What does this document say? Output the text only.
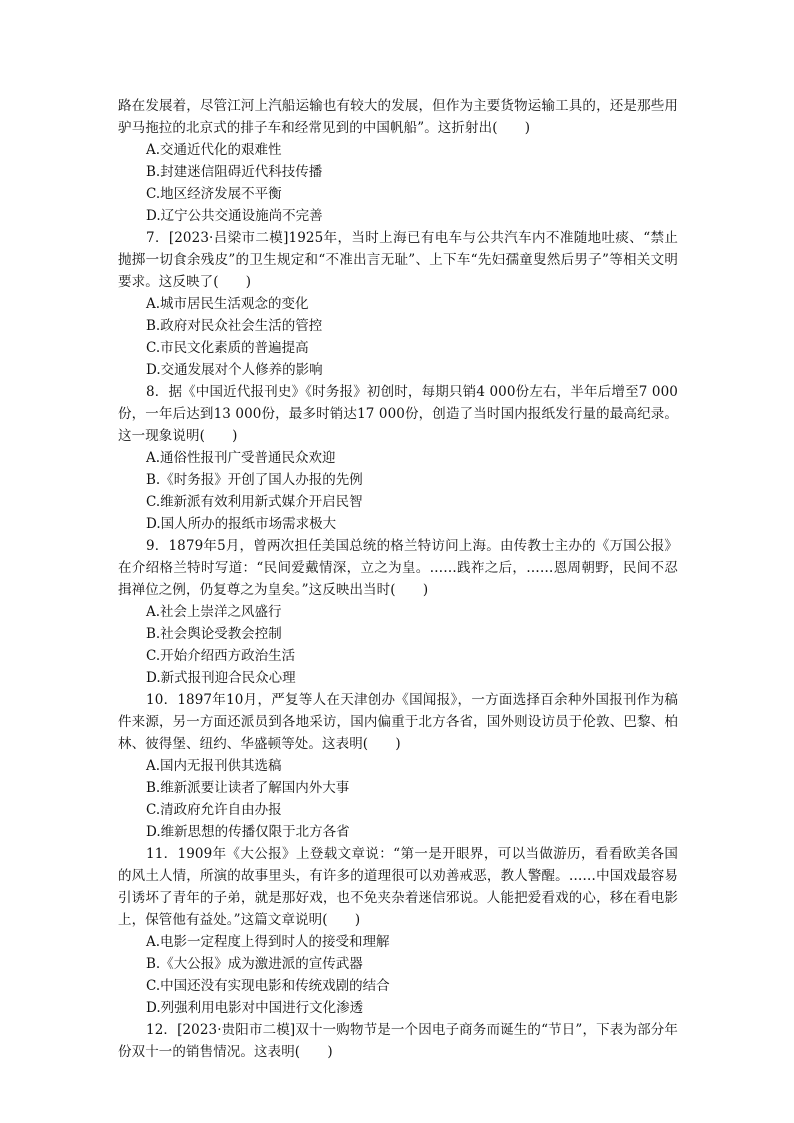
路在发展着，尽管江河上汽船运输也有较大的发展，但作为主要货物运输工具的，还是那些用驴马拖拉的北京式的排子车和经常见到的中国帆船”。这折射出(　　)

A.交通近代化的艰难性
B.封建迷信阻碍近代科技传播
C.地区经济发展不平衡
D.辽宁公共交通设施尚不完善

7．[2023·吕梁市二模]1925年，当时上海已有电车与公共汽车内不准随地吐痰、“禁止抛掷一切食余残皮”的卫生规定和“不准出言无耻”、上下车“先妇孺童叟然后男子”等相关文明要求。这反映了(　　)

A.城市居民生活观念的变化
B.政府对民众社会生活的管控
C.市民文化素质的普遍提高
D.交通发展对个人修养的影响

8．据《中国近代报刊史》《时务报》初创时，每期只销4 000份左右，半年后增至7 000份，一年后达到13 000份，最多时销达17 000份，创造了当时国内报纸发行量的最高纪录。这一现象说明(　　)

A.通俗性报刊广受普通民众欢迎
B.《时务报》开创了国人办报的先例
C.维新派有效利用新式媒介开启民智
D.国人所办的报纸市场需求极大

9．1879年5月，曾两次担任美国总统的格兰特访问上海。由传教士主办的《万国公报》在介绍格兰特时写道：“民间爱戴情深，立之为皇。……践祚之后，……恩周朝野，民间不忍揖禅位之例，仍复尊之为皇矣。”这反映出当时(　　)

A.社会上崇洋之风盛行
B.社会舆论受教会控制
C.开始介绍西方政治生活
D.新式报刊迎合民众心理

10．1897年10月，严复等人在天津创办《国闻报》，一方面选择百余种外国报刊作为稿件来源，另一方面还派员到各地采访，国内偏重于北方各省，国外则设访员于伦敦、巴黎、柏林、彼得堡、纽约、华盛顿等处。这表明(　　)

A.国内无报刊供其选稿
B.维新派要让读者了解国内外大事
C.清政府允许自由办报
D.维新思想的传播仅限于北方各省

11．1909年《大公报》上登载文章说：“第一是开眼界，可以当做游历，看看欧美各国的风土人情，所演的故事里头，有许多的道理很可以劝善戒恶，教人警醒。……中国戏最容易引诱坏了青年的子弟，就是那好戏，也不免夹杂着迷信邪说。人能把爱看戏的心，移在看电影上，保管他有益处。”这篇文章说明(　　)

A.电影一定程度上得到时人的接受和理解
B.《大公报》成为激进派的宣传武器
C.中国还没有实现电影和传统戏剧的结合
D.列强利用电影对中国进行文化渗透

12．[2023·贵阳市二模]双十一购物节是一个因电子商务而诞生的“节日”，下表为部分年份双十一的销售情况。这表明(　　)
